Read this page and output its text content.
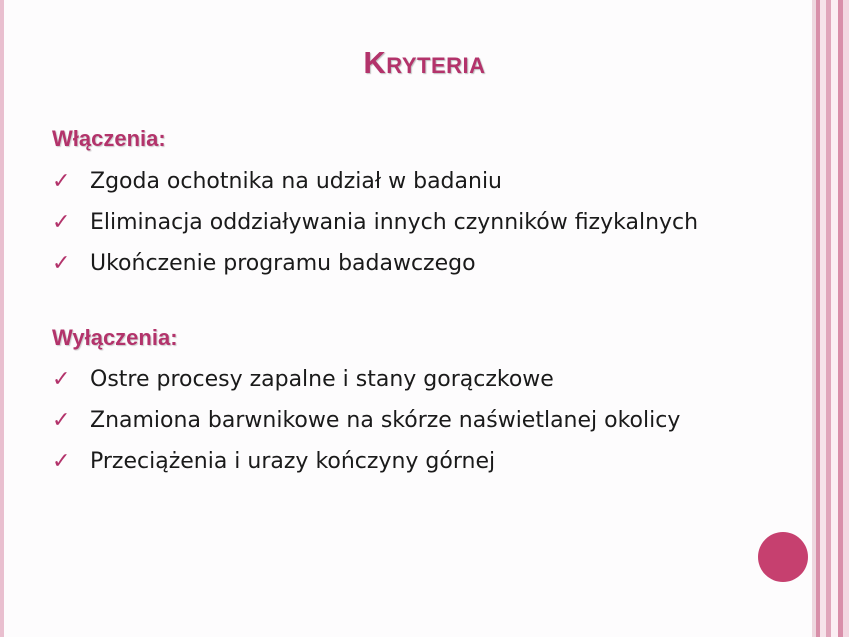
Kryteria
Włączenia:
✓ Zgoda ochotnika na udział w badaniu
✓ Eliminacja oddziaływania innych czynników fizykalnych
✓ Ukończenie programu badawczego
Wyłączenia:
✓ Ostre procesy zapalne i stany gorączkowe
✓ Znamiona barwnikowe na skórze naświetlanej okolicy
✓ Przeciążenia i urazy kończyny górnej
